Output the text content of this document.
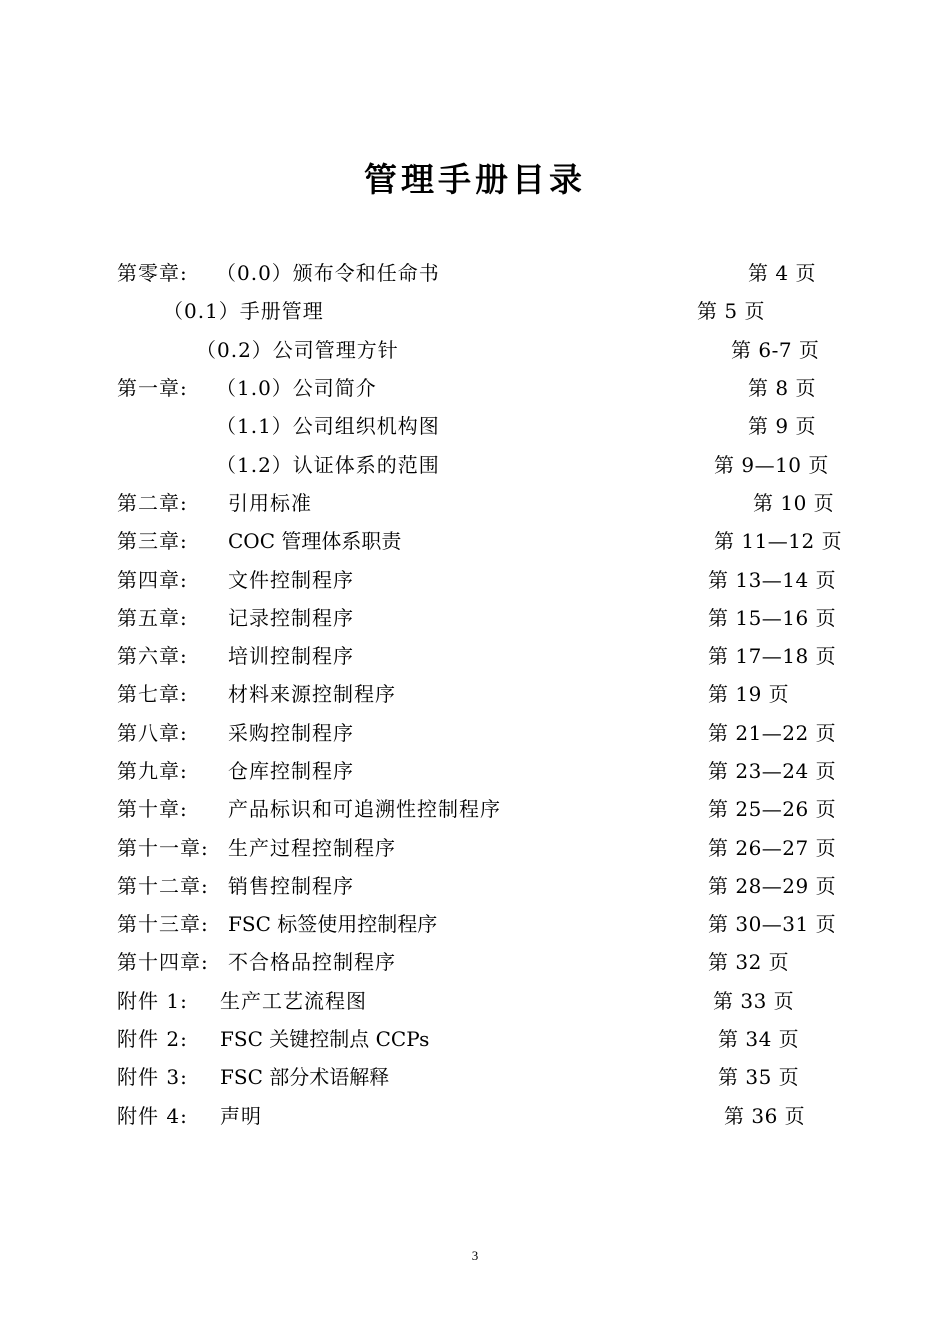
管理手册目录
第零章: （0.0）颁布令和任命书	第 4 页
（0.1）手册管理	第 5 页
（0.2）公司管理方针	第 6-7 页
第一章: （1.0）公司简介	第 8 页
（1.1）公司组织机构图	第 9 页
（1.2）认证体系的范围	第 9—10 页
第二章: 引用标准	第 10 页
第三章: COC 管理体系职责	第 11—12 页
第四章: 文件控制程序	第 13—14 页
第五章: 记录控制程序	第 15—16 页
第六章: 培训控制程序	第 17—18 页
第七章: 材料来源控制程序	第 19 页
第八章: 采购控制程序	第 21—22 页
第九章: 仓库控制程序	第 23—24 页
第十章: 产品标识和可追溯性控制程序	第 25—26 页
第十一章: 生产过程控制程序	第 26—27 页
第十二章: 销售控制程序	第 28—29 页
第十三章: FSC 标签使用控制程序	第 30—31 页
第十四章: 不合格品控制程序	第 32 页
附件 1: 生产工艺流程图	第 33 页
附件 2: FSC 关键控制点 CCPs	第 34 页
附件 3: FSC 部分术语解释	第 35 页
附件 4: 声明	第 36 页
3
